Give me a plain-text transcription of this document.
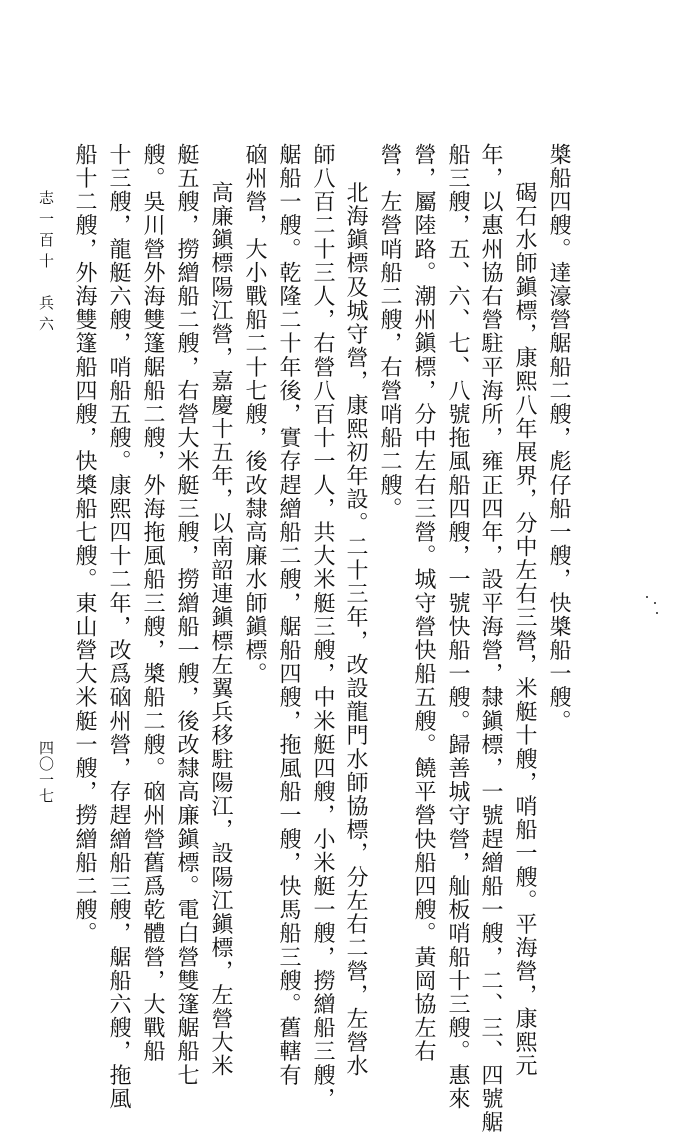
槳船四艘。達濠營艍船二艘，彪仔船一艘，快槳船一艘。
碣石水師鎭標，康熙八年展界，分中左右三營，米艇十艘，哨船一艘。平海營，康熙元
年，以惠州協右營駐平海所，雍正四年，設平海營，隸鎭標，一號趕繒船一艘，二、三、四號艍
船三艘，五、六、七、八號拖風船四艘，一號快船一艘。歸善城守營，舢板哨船十三艘。惠來
營，屬陸路。潮州鎭標，分中左右三營。城守營快船五艘。饒平營快船四艘。黃岡協左右
營，左營哨船二艘，右營哨船二艘。
北海鎭標及城守營，康熙初年設。二十三年，改設龍門水師協標，分左右二營，左營水
師八百二十三人，右營八百十一人，共大米艇三艘，中米艇四艘，小米艇一艘，撈繒船三艘，
艍船一艘。乾隆二十年後，實存趕繒船二艘，艍船四艘，拖風船一艘，快馬船三艘。舊轄有
硇州營，大小戰船二十七艘，後改隸高廉水師鎭標。
高廉鎭標陽江營，嘉慶十五年，以南韶連鎭標左翼兵移駐陽江，設陽江鎭標，左營大米
艇五艘，撈繒船二艘，右營大米艇三艘，撈繒船一艘，後改隸高廉鎭標。電白營雙篷艍船七
艘。吳川營外海雙篷艍船二艘，外海拖風船三艘，槳船二艘。硇州營舊爲乾體營，大戰船
十三艘，龍艇六艘，哨船五艘。康熙四十二年，改爲硇州營，存趕繒船三艘，艍船六艘，拖風
船十二艘，外海雙篷船四艘，快槳船七艘。東山營大米艇一艘，撈繒船二艘。
志一百十　兵六
四〇一七
